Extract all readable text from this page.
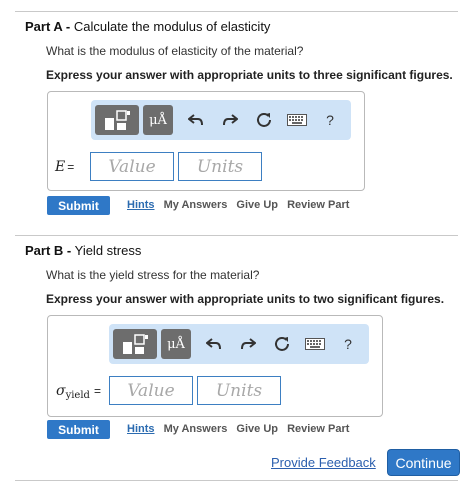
Part A - Calculate the modulus of elasticity
What is the modulus of elasticity of the material?
Express your answer with appropriate units to three significant figures.
μÅ	?
E =	Value	Units
Submit	Hints My Answers Give Up Review Part
Part B - Yield stress
What is the yield stress for the material?
Express your answer with appropriate units to two significant figures.
μÅ	?
$\sigma_{yield}$ =	Value	Units
Submit	Hints My Answers Give Up Review Part
Provide Feedback	Continue
